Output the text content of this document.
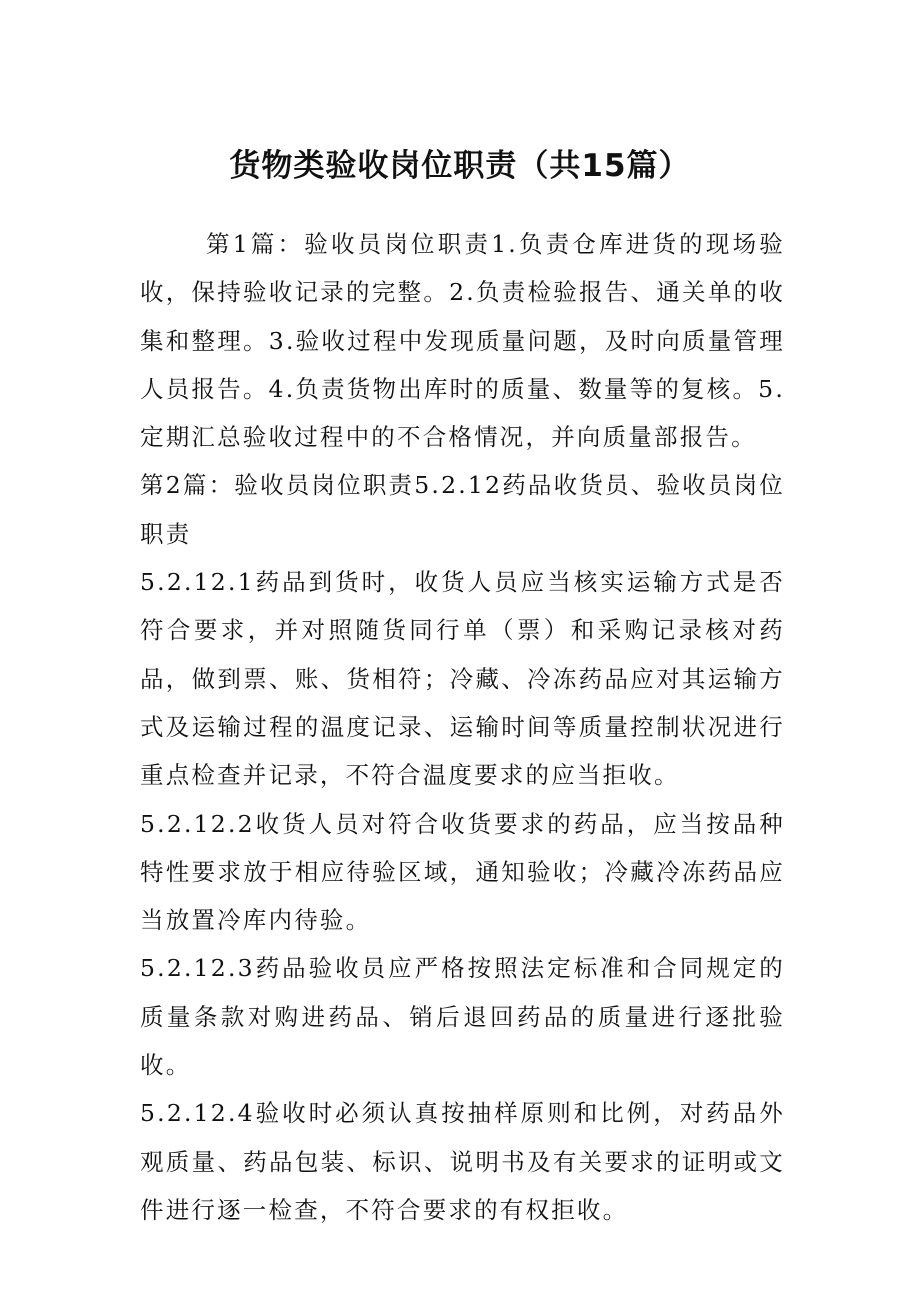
货物类验收岗位职责（共15篇）

第1篇：验收员岗位职责1.负责仓库进货的现场验收，保持验收记录的完整。2.负责检验报告、通关单的收集和整理。3.验收过程中发现质量问题，及时向质量管理人员报告。4.负责货物出库时的质量、数量等的复核。5.定期汇总验收过程中的不合格情况，并向质量部报告。

第2篇：验收员岗位职责5.2.12药品收货员、验收员岗位职责

5.2.12.1药品到货时，收货人员应当核实运输方式是否符合要求，并对照随货同行单（票）和采购记录核对药品，做到票、账、货相符；冷藏、冷冻药品应对其运输方式及运输过程的温度记录、运输时间等质量控制状况进行重点检查并记录，不符合温度要求的应当拒收。

5.2.12.2收货人员对符合收货要求的药品，应当按品种特性要求放于相应待验区域，通知验收；冷藏冷冻药品应当放置冷库内待验。

5.2.12.3药品验收员应严格按照法定标准和合同规定的质量条款对购进药品、销后退回药品的质量进行逐批验收。

5.2.12.4验收时必须认真按抽样原则和比例，对药品外观质量、药品包装、标识、说明书及有关要求的证明或文件进行逐一检查，不符合要求的有权拒收。
